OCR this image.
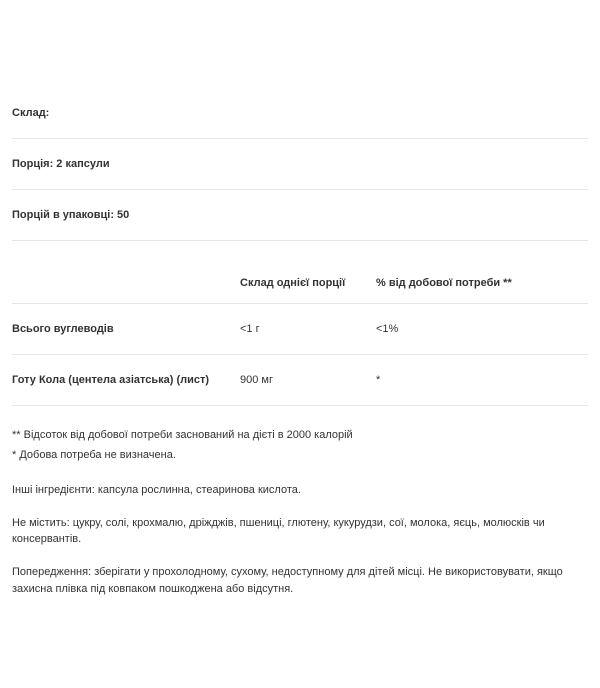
Склад:		
Порція: 2 капсули		
Порцій в упаковці: 50		
	Склад однієї порції	% від добової потреби **
Всього вуглеводів	<1 г	<1%
Готу Кола (центела азіатська) (лист)	900 мг	*
** Відсоток від добової потреби заснований на дієті в 2000 калорій
* Добова потреба не визначена.

Інші інгредієнти: капсула рослинна, стеаринова кислота.

Не містить: цукру, солі, крохмалю, дріжджів, пшениці, глютену, кукурудзи, сої, молока, яєць, молюсків чи консервантів.

Попередження: зберігати у прохолодному, сухому, недоступному для дітей місці. Не використовувати, якщо захисна плівка під ковпаком пошкоджена або відсутня.
